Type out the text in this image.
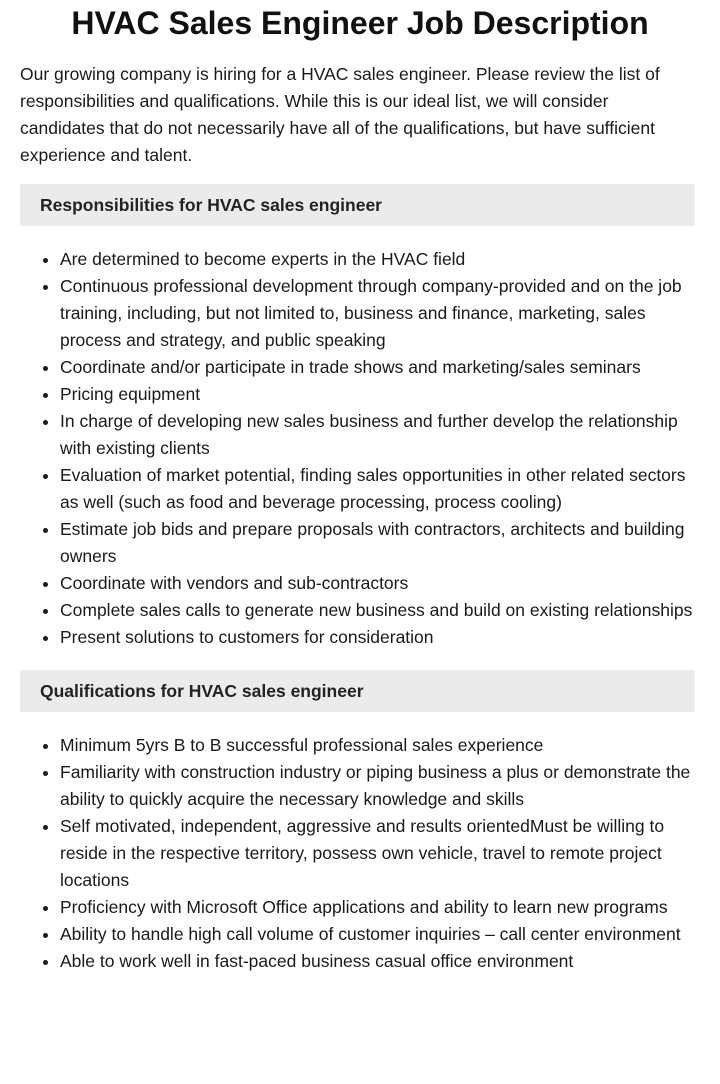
HVAC Sales Engineer Job Description

Our growing company is hiring for a HVAC sales engineer. Please review the list of responsibilities and qualifications. While this is our ideal list, we will consider candidates that do not necessarily have all of the qualifications, but have sufficient experience and talent.

Responsibilities for HVAC sales engineer
• Are determined to become experts in the HVAC field
• Continuous professional development through company-provided and on the job training, including, but not limited to, business and finance, marketing, sales process and strategy, and public speaking
• Coordinate and/or participate in trade shows and marketing/sales seminars
• Pricing equipment
• In charge of developing new sales business and further develop the relationship with existing clients
• Evaluation of market potential, finding sales opportunities in other related sectors as well (such as food and beverage processing, process cooling)
• Estimate job bids and prepare proposals with contractors, architects and building owners
• Coordinate with vendors and sub-contractors
• Complete sales calls to generate new business and build on existing relationships
• Present solutions to customers for consideration
Qualifications for HVAC sales engineer
• Minimum 5yrs B to B successful professional sales experience
• Familiarity with construction industry or piping business a plus or demonstrate the ability to quickly acquire the necessary knowledge and skills
• Self motivated, independent, aggressive and results orientedMust be willing to reside in the respective territory, possess own vehicle, travel to remote project locations
• Proficiency with Microsoft Office applications and ability to learn new programs
• Ability to handle high call volume of customer inquiries – call center environment
• Able to work well in fast-paced business casual office environment
